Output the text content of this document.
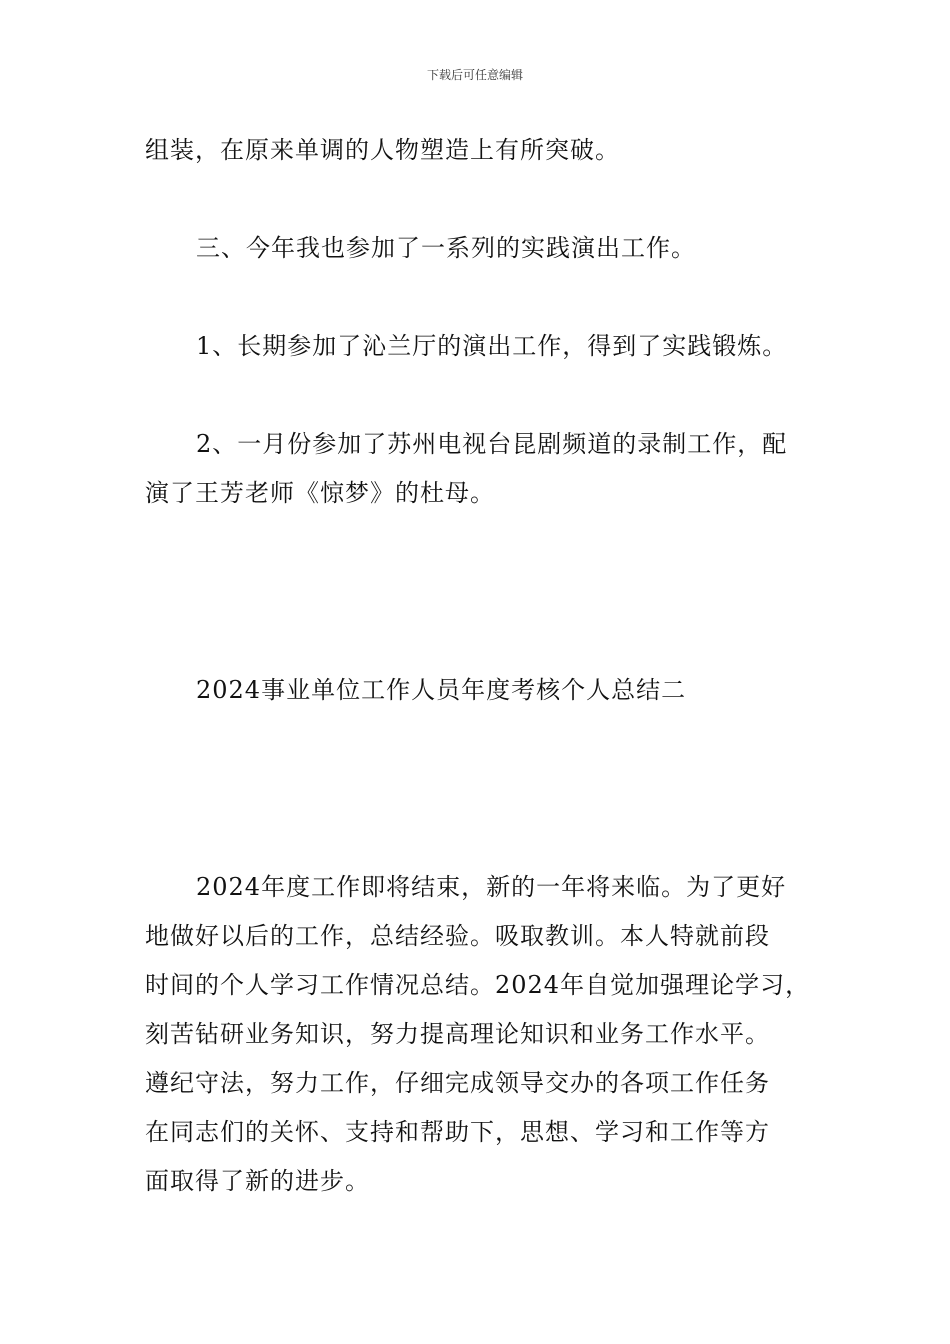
下载后可任意编辑

组装，在原来单调的人物塑造上有所突破。

三、今年我也参加了一系列的实践演出工作。

1、长期参加了沁兰厅的演出工作，得到了实践锻炼。

2、一月份参加了苏州电视台昆剧频道的录制工作，配
演了王芳老师《惊梦》的杜母。

2024事业单位工作人员年度考核个人总结二

2024年度工作即将结束，新的一年将来临。为了更好
地做好以后的工作，总结经验。吸取教训。本人特就前段
时间的个人学习工作情况总结。2024年自觉加强理论学习，
刻苦钻研业务知识，努力提高理论知识和业务工作水平。
遵纪守法，努力工作，仔细完成领导交办的各项工作任务
在同志们的关怀、支持和帮助下，思想、学习和工作等方
面取得了新的进步。
